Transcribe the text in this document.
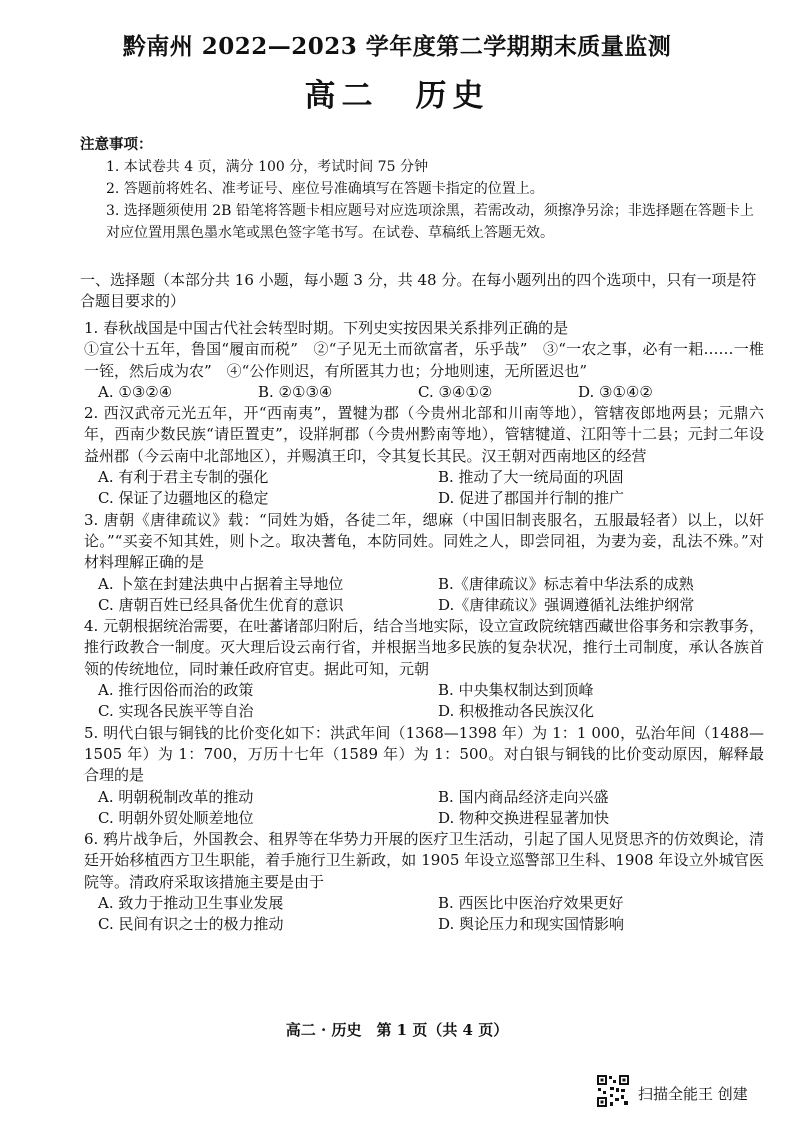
黔南州 2022—2023 学年度第二学期期末质量监测
高二　历史
注意事项：
1. 本试卷共 4 页，满分 100 分，考试时间 75 分钟
2. 答题前将姓名、准考证号、座位号准确填写在答题卡指定的位置上。
3. 选择题须使用 2B 铅笔将答题卡相应题号对应选项涂黑，若需改动，须擦净另涂；非选择题在答题卡上对应位置用黑色墨水笔或黑色签字笔书写。在试卷、草稿纸上答题无效。
一、选择题（本部分共 16 小题，每小题 3 分，共 48 分。在每小题列出的四个选项中，只有一项是符合题目要求的）
1. 春秋战国是中国古代社会转型时期。下列史实按因果关系排列正确的是
①宣公十五年，鲁国“履亩而税”　②“子见无土而欲富者，乐乎哉”　③“一农之事，必有一耜……一椎一铚，然后成为农”　④“公作则迟，有所匿其力也；分地则速，无所匿迟也”
A. ①③②④	B. ②①③④	C. ③④①②	D. ③①④②
2. 西汉武帝元光五年，开“西南夷”，置犍为郡（今贵州北部和川南等地），管辖夜郎地两县；元鼎六年，西南少数民族“请臣置吏”，设牂牁郡（今贵州黔南等地），管辖犍道、江阳等十二县；元封二年设益州郡（今云南中北部地区），并赐滇王印，令其复长其民。汉王朝对西南地区的经营
A. 有利于君主专制的强化	B. 推动了大一统局面的巩固
C. 保证了边疆地区的稳定	D. 促进了郡国并行制的推广
3. 唐朝《唐律疏议》载：“同姓为婚，各徒二年，缌麻（中国旧制丧服名，五服最轻者）以上，以奸论。”“买妾不知其姓，则卜之。取决蓍龟，本防同姓。同姓之人，即尝同祖，为妻为妾，乱法不殊。”对材料理解正确的是
A. 卜筮在封建法典中占据着主导地位	B.《唐律疏议》标志着中华法系的成熟
C. 唐朝百姓已经具备优生优育的意识	D.《唐律疏议》强调遵循礼法维护纲常
4. 元朝根据统治需要，在吐蕃诸部归附后，结合当地实际，设立宣政院统辖西藏世俗事务和宗教事务，推行政教合一制度。灭大理后设云南行省，并根据当地多民族的复杂状况，推行土司制度，承认各族首领的传统地位，同时兼任政府官吏。据此可知，元朝
A. 推行因俗而治的政策	B. 中央集权制达到顶峰
C. 实现各民族平等自治	D. 积极推动各民族汉化
5. 明代白银与铜钱的比价变化如下：洪武年间（1368—1398 年）为 1：1 000，弘治年间（1488—1505 年）为 1：700，万历十七年（1589 年）为 1：500。对白银与铜钱的比价变动原因，解释最合理的是
A. 明朝税制改革的推动	B. 国内商品经济走向兴盛
C. 明朝外贸处顺差地位	D. 物种交换进程显著加快
6. 鸦片战争后，外国教会、租界等在华势力开展的医疗卫生活动，引起了国人见贤思齐的仿效舆论，清廷开始移植西方卫生职能，着手施行卫生新政，如 1905 年设立巡警部卫生科、1908 年设立外城官医院等。清政府采取该措施主要是由于
A. 致力于推动卫生事业发展	B. 西医比中医治疗效果更好
C. 民间有识之士的极力推动	D. 舆论压力和现实国情影响
高二 · 历史　第 1 页（共 4 页）
扫描全能王 创建
